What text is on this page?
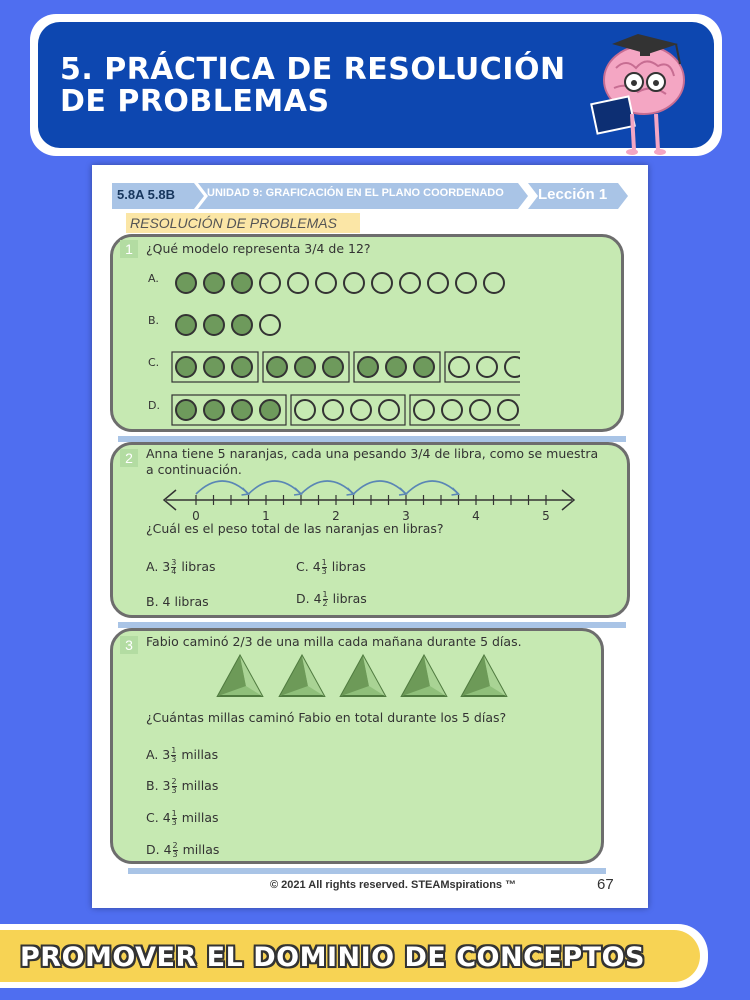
5. PRÁCTICA DE RESOLUCIÓN
DE PROBLEMAS
5.8A 5.8B	UNIDAD 9: GRAFICACIÓN EN EL PLANO COORDENADO Lección 1
RESOLUCIÓN DE PROBLEMAS
1	¿Qué modelo representa 3/4 de 12?
A.
B.
C.
D.
2	Anna tiene 5 naranjas, cada una pesando 3/4 de libra, como se muestra
a continuación.
0	1	2	3	4	5
¿Cuál es el peso total de las naranjas en libras?
A. $3 \frac{3}{4}$ libras	C. $4 \frac{1}{3}$ libras
B. 4 libras	D. $4 \frac{1}{2}$ libras
3	Fabio caminó 2/3 de una milla cada mañana durante 5 días.
¿Cuántas millas caminó Fabio en total durante los 5 días?
A. $3 \frac{1}{3}$ millas
B. $3 \frac{2}{3}$ millas
C. $4 \frac{1}{3}$ millas
D. $4 \frac{2}{3}$ millas
© 2021 All rights reserved. STEAMspirations ™	67
PROMOVER EL DOMINIO DE CONCEPTOS
